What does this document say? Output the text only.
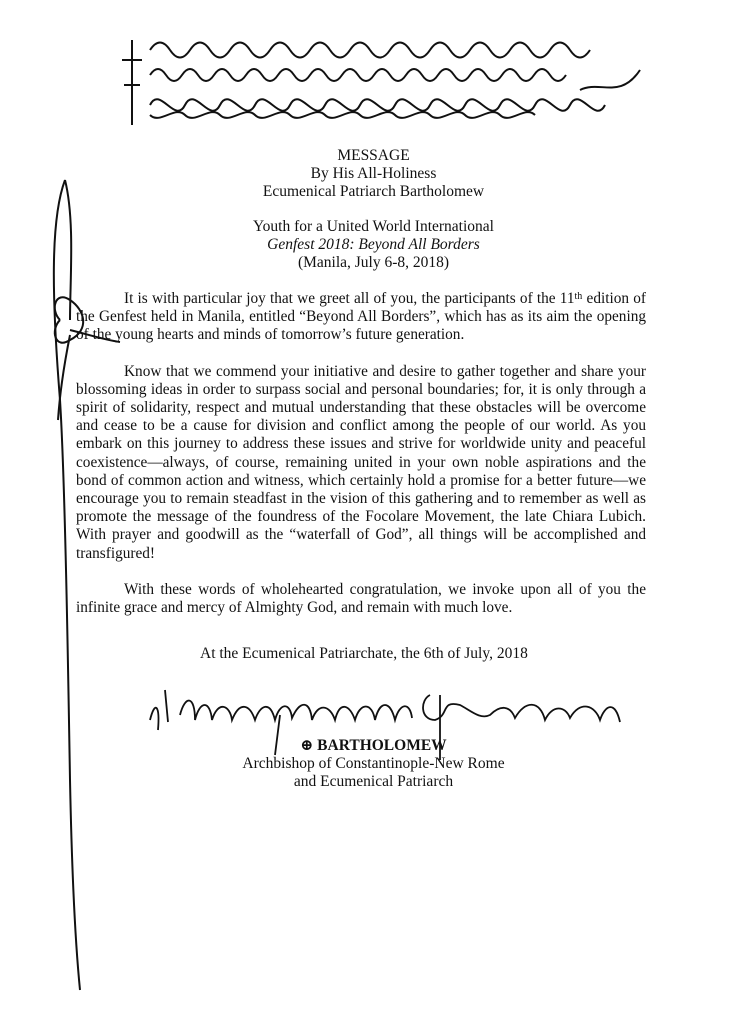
MESSAGE

By His All-Holiness

Ecumenical Patriarch Bartholomew

Youth for a United World International

Genfest 2018: Beyond All Borders

(Manila, July 6-8, 2018)

It is with particular joy that we greet all of you, the participants of the 11th edition of the Genfest held in Manila, entitled “Beyond All Borders”, which has as its aim the opening of the young hearts and minds of tomorrow’s future generation.

Know that we commend your initiative and desire to gather together and share your blossoming ideas in order to surpass social and personal boundaries; for, it is only through a spirit of solidarity, respect and mutual understanding that these obstacles will be overcome and cease to be a cause for division and conflict among the people of our world. As you embark on this journey to address these issues and strive for worldwide unity and peaceful coexistence—always, of course, remaining united in your own noble aspirations and the bond of common action and witness, which certainly hold a promise for a better future—we encourage you to remain steadfast in the vision of this gathering and to remember as well as promote the message of the foundress of the Focolare Movement, the late Chiara Lubich. With prayer and goodwill as the “waterfall of God”, all things will be accomplished and transfigured!

With these words of wholehearted congratulation, we invoke upon all of you the infinite grace and mercy of Almighty God, and remain with much love.

At the Ecumenical Patriarchate, the 6th of July, 2018

⊕ BARTHOLOMEW

Archbishop of Constantinople-New Rome

and Ecumenical Patriarch
